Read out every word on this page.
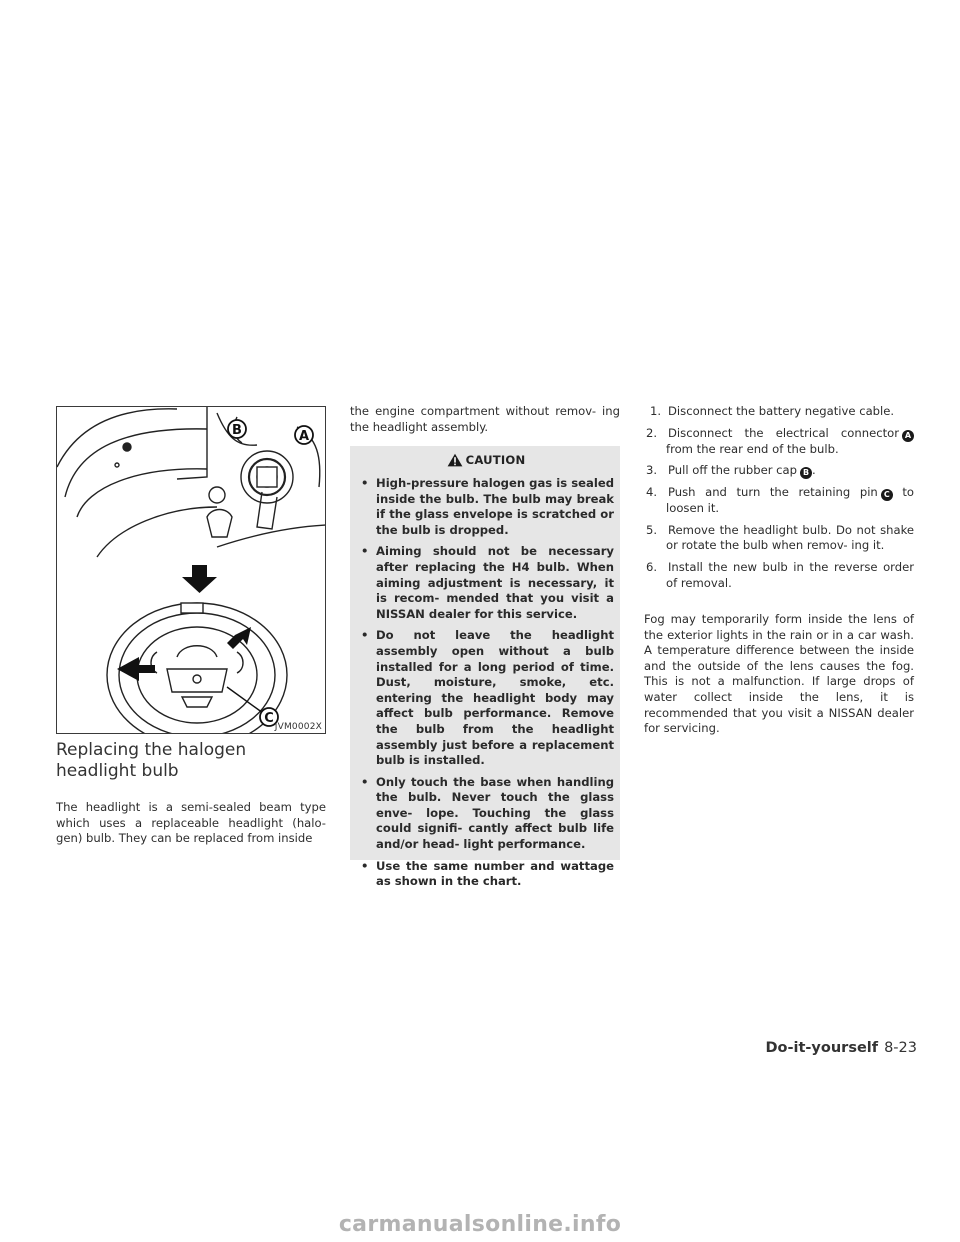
B	A
C
JVM0002X
Replacing the halogen headlight bulb

The headlight is a semi-sealed beam type which uses a replaceable headlight (halo- gen) bulb. They can be replaced from inside

the engine compartment without remov- ing the headlight assembly.

CAUTION
• High-pressure halogen gas is sealed inside the bulb. The bulb may break if the glass envelope is scratched or the bulb is dropped.
• Aiming should not be necessary after replacing the H4 bulb. When aiming adjustment is necessary, it is recom- mended that you visit a NISSAN dealer for this service.
• Do not leave the headlight assembly open without a bulb installed for a long period of time. Dust, moisture, smoke, etc. entering the headlight body may affect bulb performance. Remove the bulb from the headlight assembly just before a replacement bulb is installed.
• Only touch the base when handling the bulb. Never touch the glass enve- lope. Touching the glass could signifi- cantly affect bulb life and/or head- light performance.
• Use the same number and wattage as shown in the chart.

1. Disconnect the battery negative cable.

2. Disconnect the electrical connector A from the rear end of the bulb.

3. Pull off the rubber cap B .

4. Push and turn the retaining pin C to loosen it.

5. Remove the headlight bulb. Do not shake or rotate the bulb when remov- ing it.

6. Install the new bulb in the reverse order of removal.

Fog may temporarily form inside the lens of the exterior lights in the rain or in a car wash. A temperature difference between the inside and the outside of the lens causes the fog. This is not a malfunction. If large drops of water collect inside the lens, it is recommended that you visit a NISSAN dealer for servicing.

Do-it-yourself 8-23
carmanualsonline.info
